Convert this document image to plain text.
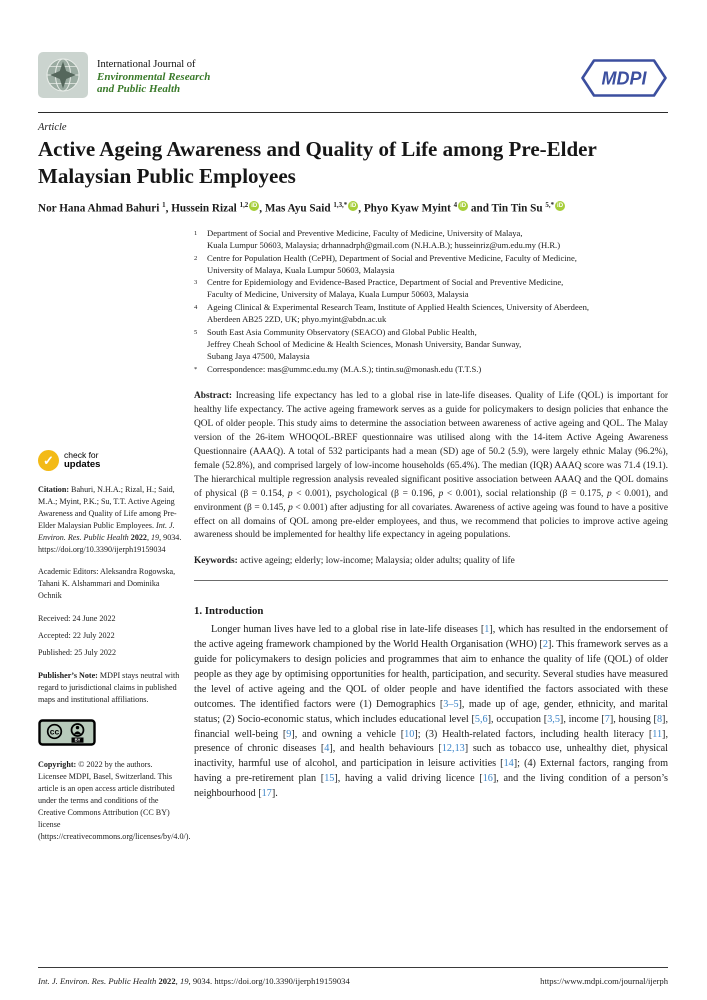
International Journal of
Environmental Research
and Public Health
MDPI
Article
Active Ageing Awareness and Quality of Life among Pre-Elder
Malaysian Public Employees
Nor Hana Ahmad Bahuri $^1$, Hussein Rizal $^{1,2}$ iD , Mas Ayu Said $^{1,3,*}$ iD , Phyo Kyaw Myint $^4$ iD and Tin Tin Su $^{5,*}$ iD
✓	check for
updates

Citation: Bahuri, N.H.A.; Rizal, H.; Said, M.A.; Myint, P.K.; Su, T.T. Active Ageing Awareness and Quality of Life among Pre-Elder Malaysian Public Employees. Int. J. Environ. Res. Public Health 2022, 19, 9034. https://doi.org/10.3390/ijerph19159034

Academic Editors: Aleksandra Rogowska, Tahani K. Alshammari and Dominika Ochnik

Received: 24 June 2022
Accepted: 22 July 2022
Published: 25 July 2022

Publisher’s Note: MDPI stays neutral with regard to jurisdictional claims in published maps and institutional affiliations.

cc
BY

Copyright: © 2022 by the authors. Licensee MDPI, Basel, Switzerland. This article is an open access article distributed under the terms and conditions of the Creative Commons Attribution (CC BY) license (https://creativecommons.org/licenses/by/4.0/).

1	Department of Social and Preventive Medicine, Faculty of Medicine, University of Malaya,
Kuala Lumpur 50603, Malaysia; drhannadrph@gmail.com (N.H.A.B.); husseinriz@um.edu.my (H.R.)
2	Centre for Population Health (CePH), Department of Social and Preventive Medicine, Faculty of Medicine,
University of Malaya, Kuala Lumpur 50603, Malaysia
3	Centre for Epidemiology and Evidence-Based Practice, Department of Social and Preventive Medicine,
Faculty of Medicine, University of Malaya, Kuala Lumpur 50603, Malaysia
4	Ageing Clinical & Experimental Research Team, Institute of Applied Health Sciences, University of Aberdeen,
Aberdeen AB25 2ZD, UK; phyo.myint@abdn.ac.uk
5	South East Asia Community Observatory (SEACO) and Global Public Health,
Jeffrey Cheah School of Medicine & Health Sciences, Monash University, Bandar Sunway,
Subang Jaya 47500, Malaysia
*	Correspondence: mas@ummc.edu.my (M.A.S.); tintin.su@monash.edu (T.T.S.)

Abstract: Increasing life expectancy has led to a global rise in late-life diseases. Quality of Life (QOL) is important for healthy life expectancy. The active ageing framework serves as a guide for policymakers to design policies that enhance the QOL of older people. This study aims to determine the association between awareness of active ageing and QOL. The Malay version of the 26-item WHOQOL-BREF questionnaire was utilised along with the 14-item Active Ageing Awareness Questionnaire (AAAQ). A total of 532 participants had a mean (SD) age of 50.2 (5.9), were largely ethnic Malay (96.2%), female (52.8%), and comprised largely of low-income households (65.4%). The median (IQR) AAAQ score was 71.4 (19.1). The hierarchical multiple regression analysis revealed significant positive association between AAAQ and the QOL domains of physical (β = 0.154, p < 0.001), psychological (β = 0.196, p < 0.001), social relationship (β = 0.175, p < 0.001), and environment (β = 0.145, p < 0.001) after adjusting for all covariates. Awareness of active ageing was found to have a positive effect on all domains of QOL among pre-elder employees, and thus, we recommend that policies to improve active ageing awareness should be implemented for healthy life expectancy in ageing populations.

Keywords: active ageing; elderly; low-income; Malaysia; older adults; quality of life

1. Introduction

Longer human lives have led to a global rise in late-life diseases [1], which has resulted in the endorsement of the active ageing framework championed by the World Health Organisation (WHO) [2]. This framework serves as a guide for policymakers to design policies and programmes that aim to enhance the quality of life (QOL) of older people as they age by optimising opportunities for health, participation, and security. Several studies have measured the level of active ageing and the QOL of older people and have identified the factors associated with these outcomes. The identified factors were (1) Demographics [3–5], made up of age, gender, ethnicity, and marital status; (2) Socio-economic status, which includes educational level [5,6], occupation [3,5], income [7], housing [8], financial well-being [9], and owning a vehicle [10]; (3) Health-related factors, including health literacy [11], presence of chronic diseases [4], and health behaviours [12,13] such as tobacco use, unhealthy diet, physical inactivity, harmful use of alcohol, and participation in leisure activities [14]; (4) External factors, ranging from having a pre-retirement plan [15], having a valid driving licence [16], and the living condition of a person’s neighbourhood [17].

Int. J. Environ. Res. Public Health 2022, 19, 9034. https://doi.org/10.3390/ijerph19159034	https://www.mdpi.com/journal/ijerph
